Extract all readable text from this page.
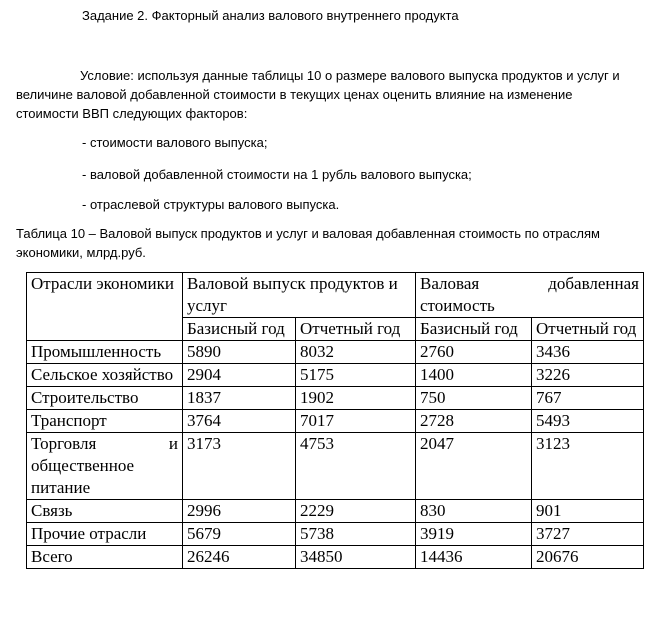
Задание 2. Факторный анализ валового внутреннего продукта
Условие: используя данные таблицы 10 о размере валового выпуска продуктов и услуг и
величине валовой добавленной стоимости в текущих ценах оценить влияние на изменение
стоимости ВВП следующих факторов:
- стоимости валового выпуска;
- валовой добавленной стоимости на 1 рубль валового выпуска;
- отраслевой структуры валового выпуска.
Таблица 10 – Валовой выпуск продуктов и услуг и валовая добавленная стоимость по отраслям
экономики, млрд.руб.
Отрасли экономики	Валовой выпуск продуктов и услуг		Валовая добавленная
стоимость	

	Базисный год	Отчетный год	Базисный год	Отчетный год
Промышленность	5890	8032	2760	3436
Сельское хозяйство	2904	5175	1400	3226
Строительство	1837	1902	750	767
Транспорт	3764	7017	2728	5493

Торговля и
общественное питание	3173	4753	2047	3123
Связь	2996	2229	830	901
Прочие отрасли	5679	5738	3919	3727
Всего	26246	34850	14436	20676
